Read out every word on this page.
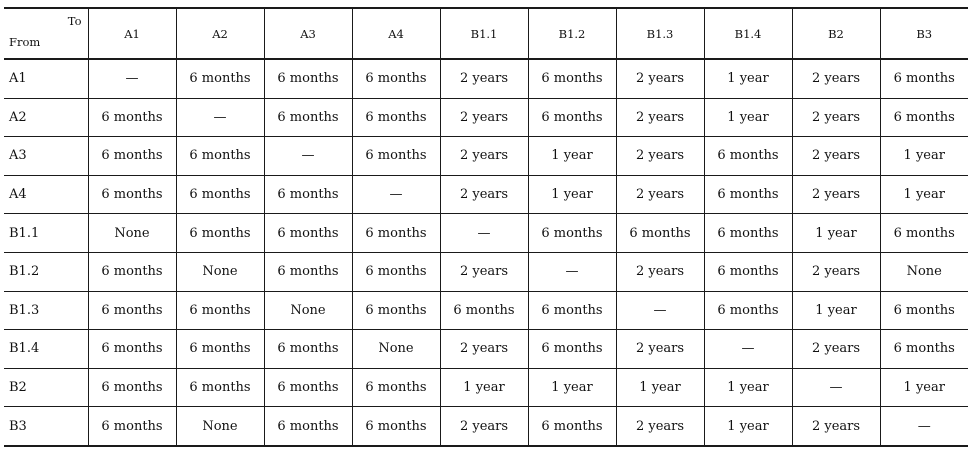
To
From	A1	A2	A3	A4	B1.1	B1.2	B1.3	B1.4	B2	B3
A1	—	6 months	6 months	6 months	2 years	6 months	2 years	1 year	2 years	6 months
A2	6 months	—	6 months	6 months	2 years	6 months	2 years	1 year	2 years	6 months
A3	6 months	6 months	—	6 months	2 years	1 year	2 years	6 months	2 years	1 year
A4	6 months	6 months	6 months	—	2 years	1 year	2 years	6 months	2 years	1 year
B1.1	None	6 months	6 months	6 months	—	6 months	6 months	6 months	1 year	6 months
B1.2	6 months	None	6 months	6 months	2 years	—	2 years	6 months	2 years	None
B1.3	6 months	6 months	None	6 months	6 months	6 months	—	6 months	1 year	6 months
B1.4	6 months	6 months	6 months	None	2 years	6 months	2 years	—	2 years	6 months
B2	6 months	6 months	6 months	6 months	1 year	1 year	1 year	1 year	—	1 year
B3	6 months	None	6 months	6 months	2 years	6 months	2 years	1 year	2 years	—
